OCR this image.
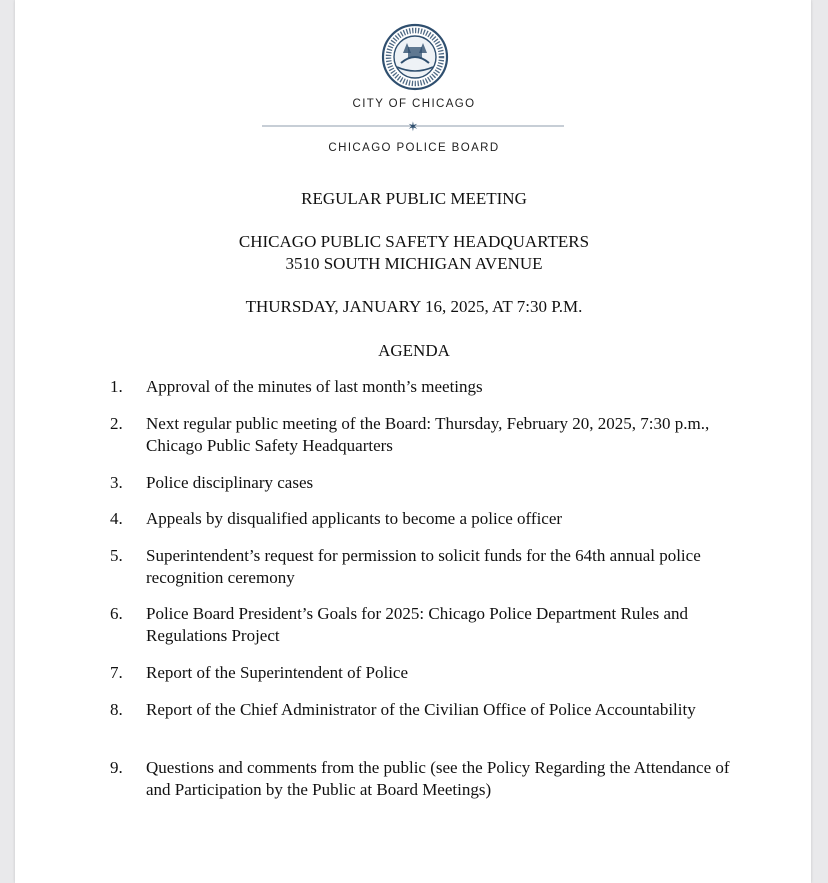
CITY OF CHICAGO
✶
CHICAGO POLICE BOARD
REGULAR PUBLIC MEETING
CHICAGO PUBLIC SAFETY HEADQUARTERS
3510 SOUTH MICHIGAN AVENUE
THURSDAY, JANUARY 16, 2025, AT 7:30 P.M.
AGENDA
1. Approval of the minutes of last month’s meetings
2. Next regular public meeting of the Board: Thursday, February 20, 2025, 7:30 p.m., Chicago Public Safety Headquarters
3. Police disciplinary cases
4. Appeals by disqualified applicants to become a police officer
5. Superintendent’s request for permission to solicit funds for the 64th annual police recognition ceremony
6. Police Board President’s Goals for 2025: Chicago Police Department Rules and Regulations Project
7. Report of the Superintendent of Police
8. Report of the Chief Administrator of the Civilian Office of Police Accountability
9. Questions and comments from the public (see the Policy Regarding the Attendance of and Participation by the Public at Board Meetings)
